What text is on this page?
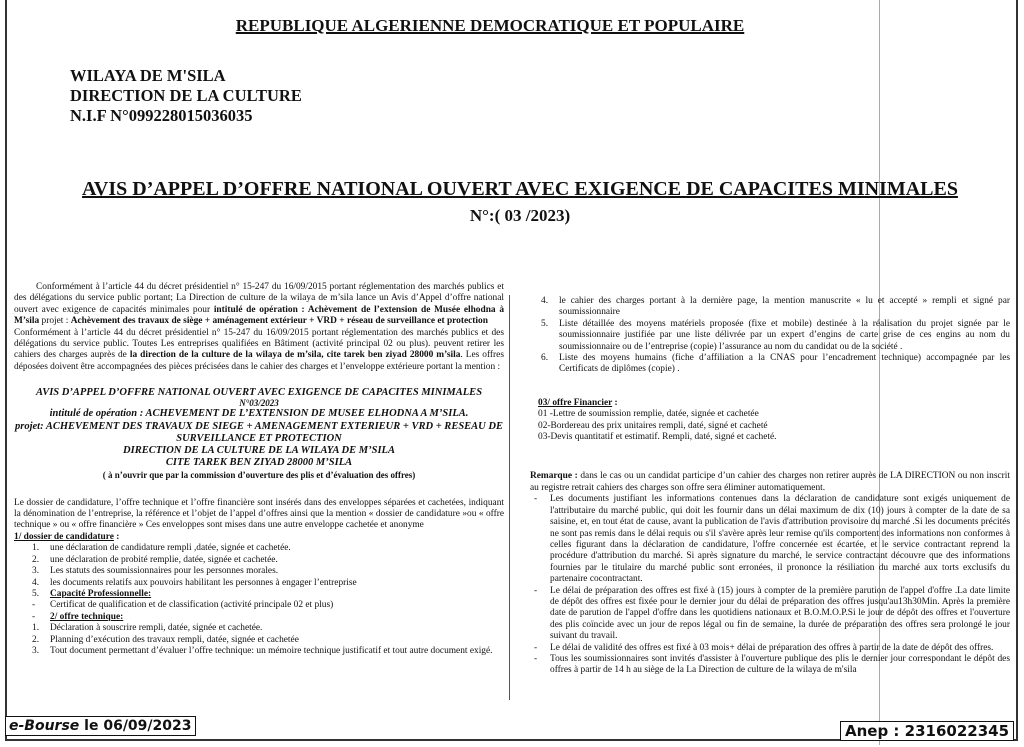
REPUBLIQUE ALGERIENNE DEMOCRATIQUE ET POPULAIRE
WILAYA DE M'SILA
DIRECTION DE LA CULTURE
N.I.F N°099228015036035
AVIS D’APPEL D’OFFRE NATIONAL OUVERT AVEC EXIGENCE DE CAPACITES MINIMALES
N°:( 03 /2023)

Conformément à l’article 44 du décret présidentiel n° 15-247 du 16/09/2015 portant réglementation des marchés publics et des délégations du service public portant; La Direction de culture de la wilaya de m’sila lance un Avis d’Appel d’offre national ouvert avec exigence de capacités minimales pour intitulé de opération : Achèvement de l’extension de Musée elhodna à M’sila projet : Achèvement des travaux de siège + aménagement extérieur + VRD + réseau de surveillance et protection

Conformément à l’article 44 du décret présidentiel n° 15-247 du 16/09/2015 portant réglementation des marchés publics et des délégations du service public. Toutes Les entreprises qualifiées en Bâtiment (activité principal 02 ou plus). peuvent retirer les cahiers des charges auprès de la direction de la culture de la wilaya de m’sila, cite tarek ben ziyad 28000 m’sila. Les offres déposées doivent être accompagnées des pièces précisées dans le cahier des charges et l’enveloppe extérieure portant la mention :

AVIS D’APPEL D’OFFRE NATIONAL OUVERT AVEC EXIGENCE DE CAPACITES MINIMALES
N°03/2023
intitulé de opération : ACHEVEMENT DE L’EXTENSION DE MUSEE ELHODNA A M’SILA.
projet: ACHEVEMENT DES TRAVAUX DE SIEGE + AMENAGEMENT EXTERIEUR + VRD + RESEAU DE SURVEILLANCE ET PROTECTION
DIRECTION DE LA CULTURE DE LA WILAYA DE M’SILA
CITE TAREK BEN ZIYAD 28000 M’SILA
( à n’ouvrir que par la commission d’ouverture des plis et d’évaluation des offres)

Le dossier de candidature, l’offre technique et l’offre financière sont insérés dans des enveloppes séparées et cachetées, indiquant la dénomination de l’entreprise, la référence et l’objet de l’appel d’offres ainsi que la mention « dossier de candidature »ou « offre technique » ou « offre financière » Ces enveloppes sont mises dans une autre enveloppe cachetée et anonyme

1/ dossier de candidature :

1. une déclaration de candidature rempli ,datée, signée et cachetée.
2. une déclaration de probité remplie, datée, signée et cachetée.
3. Les statuts des soumissionnaires pour les personnes morales.
4. les documents relatifs aux pouvoirs habilitant les personnes à engager l’entreprise
5. Capacité Professionnelle:
- Certificat de qualification et de classification (activité principale 02 et plus)
- 2/ offre technique:
1. Déclaration à souscrire rempli, datée, signée et cachetée.
2. Planning d’exécution des travaux rempli, datée, signée et cachetée
3. Tout document permettant d’évaluer l’offre technique: un mémoire technique justificatif et tout autre document exigé.
4. le cahier des charges portant à la dernière page, la mention manuscrite « lu et accepté » rempli et signé par soumissionnaire
5. Liste détaillée des moyens matériels proposée (fixe et mobile) destinée à la réalisation du projet signée par le soumissionnaire justifiée par une liste délivrée par un expert d’engins de carte grise de ces engins au nom du soumissionnaire ou de l’entreprise (copie) l’assurance au nom du candidat ou de la société .
6. Liste des moyens humains (fiche d’affiliation a la CNAS pour l’encadrement technique) accompagnée par les Certificats de diplômes (copie) .

03/ offre Financier :

01 -Lettre de soumission remplie, datée, signée et cachetée
02-Bordereau des prix unitaires rempli, daté, signé et cacheté
03-Devis quantitatif et estimatif. Rempli, daté, signé et cacheté.

Remarque : dans le cas ou un candidat participe d’un cahier des charges non retirer auprès de LA DIRECTION ou non inscrit au registre retrait cahiers des charges son offre sera éliminer automatiquement.

- Les documents justifiant les informations contenues dans la déclaration de candidature sont exigés uniquement de l'attributaire du marché public, qui doit les fournir dans un délai maximum de dix (10) jours à compter de la date de sa saisine, et, en tout état de cause, avant la publication de l'avis d'attribution provisoire du marché .Si les documents précités ne sont pas remis dans le délai requis ou s'il s'avère après leur remise qu'ils comportent des informations non conformes à celles figurant dans la déclaration de candidature, l'offre concernée est écartée, et le service contractant reprend la procédure d'attribution du marché. Si après signature du marché, le service contractant découvre que des informations fournies par le titulaire du marché public sont erronées, il prononce la résiliation du marché aux torts exclusifs du partenaire cocontractant.
- Le délai de préparation des offres est fixé à (15) jours à compter de la première parution de l'appel d'offre .La date limite de dépôt des offres est fixée pour le dernier jour du délai de préparation des offres jusqu'au13h30Min. Après la première date de parution de l'appel d'offre dans les quotidiens nationaux et B.O.M.O.P.Si le jour de dépôt des offres et l'ouverture des plis coïncide avec un jour de repos légal ou fin de semaine, la durée de préparation des offres sera prolongé le jour suivant du travail.
- Le délai de validité des offres est fixé à 03 mois+ délai de préparation des offres à partir de la date de dépôt des offres.
- Tous les soumissionnaires sont invités d'assister à l'ouverture publique des plis le dernier jour correspondant le dépôt des offres à partir de 14 h au siège de la La Direction de culture de la wilaya de m'sila
e-Bourse le 06/09/2023	Anep : 2316022345
